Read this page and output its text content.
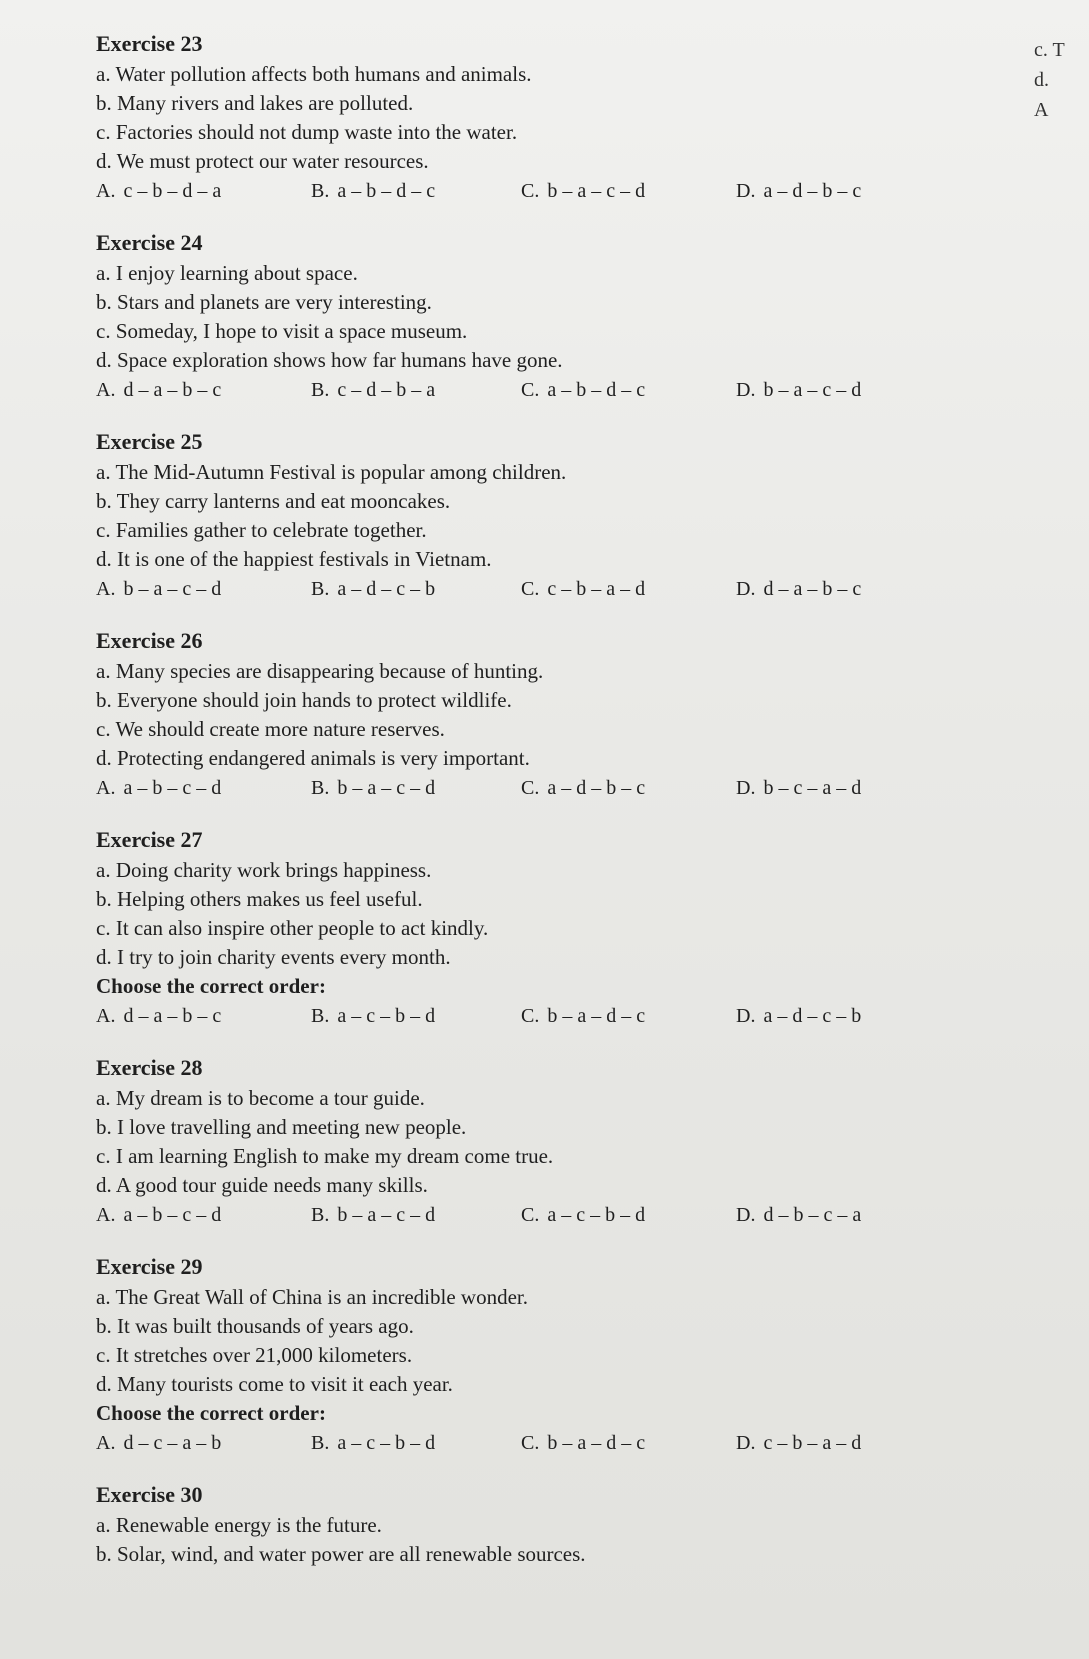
c. T
d.
A
Exercise 23
a. Water pollution affects both humans and animals.
b. Many rivers and lakes are polluted.
c. Factories should not dump waste into the water.
d. We must protect our water resources.
A. c – b – d – a	B. a – b – d – c	C. b – a – c – d	D. a – d – b – c
Exercise 24
a. I enjoy learning about space.
b. Stars and planets are very interesting.
c. Someday, I hope to visit a space museum.
d. Space exploration shows how far humans have gone.
A. d – a – b – c	B. c – d – b – a	C. a – b – d – c	D. b – a – c – d
Exercise 25
a. The Mid-Autumn Festival is popular among children.
b. They carry lanterns and eat mooncakes.
c. Families gather to celebrate together.
d. It is one of the happiest festivals in Vietnam.
A. b – a – c – d	B. a – d – c – b	C. c – b – a – d	D. d – a – b – c
Exercise 26
a. Many species are disappearing because of hunting.
b. Everyone should join hands to protect wildlife.
c. We should create more nature reserves.
d. Protecting endangered animals is very important.
A. a – b – c – d	B. b – a – c – d	C. a – d – b – c	D. b – c – a – d
Exercise 27
a. Doing charity work brings happiness.
b. Helping others makes us feel useful.
c. It can also inspire other people to act kindly.
d. I try to join charity events every month.
Choose the correct order:
A. d – a – b – c	B. a – c – b – d	C. b – a – d – c	D. a – d – c – b
Exercise 28
a. My dream is to become a tour guide.
b. I love travelling and meeting new people.
c. I am learning English to make my dream come true.
d. A good tour guide needs many skills.
A. a – b – c – d	B. b – a – c – d	C. a – c – b – d	D. d – b – c – a
Exercise 29
a. The Great Wall of China is an incredible wonder.
b. It was built thousands of years ago.
c. It stretches over 21,000 kilometers.
d. Many tourists come to visit it each year.
Choose the correct order:
A. d – c – a – b	B. a – c – b – d	C. b – a – d – c	D. c – b – a – d
Exercise 30
a. Renewable energy is the future.
b. Solar, wind, and water power are all renewable sources.
